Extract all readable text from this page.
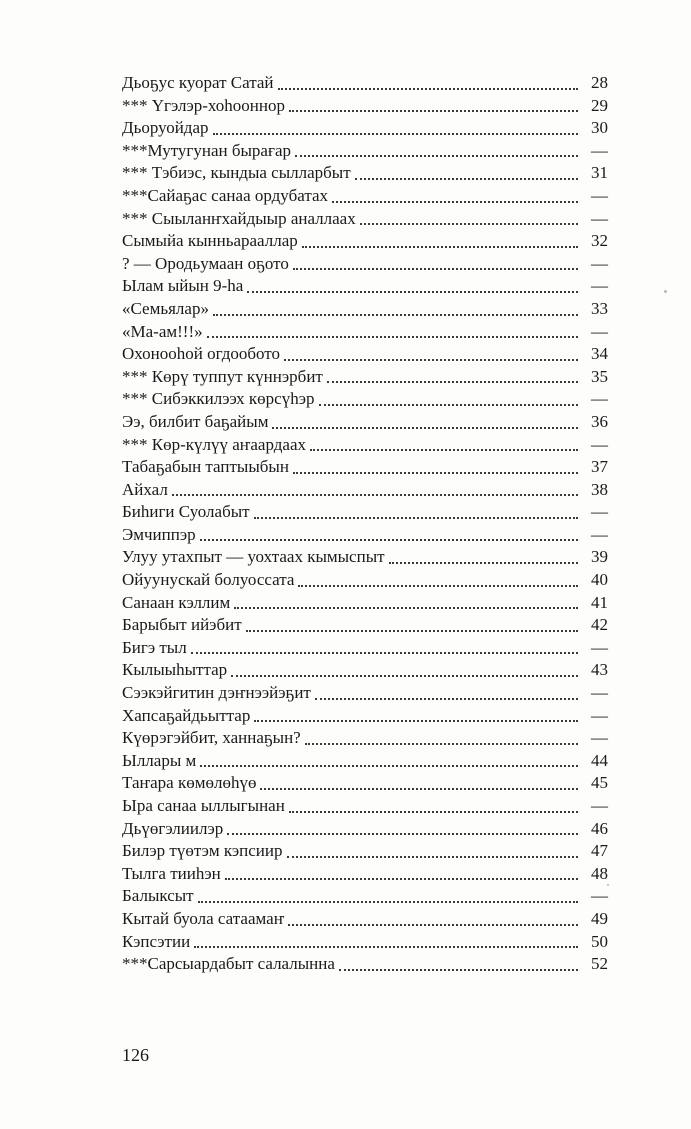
Дьоҕус куорат Сатай	28
*** Үгэлэр-хоһооннор	29
Дьоруойдар	30
***Мутугунан бырағар	—
*** Тэбиэс, кындыа сылларбыт	31
***Сайаҕас санаа ордубатах	—
*** Сыыланҥхайдыыр аналлаах	—
Сымыйа кынньарааллар	32
? — Ородьумаан оҕото	—
Ылам ыйын 9-һа	—
«Семьялар»	33
«Ма-ам!!!»	—
Охоноoһой огдообото	34
*** Көрү туппут күннэрбит	35
*** Сибэккилээх көрсүһэр	—
Ээ, билбит баҕайым	36
*** Көр-күлүү аҥаардаах	—
Табаҕабын таптыыбын	37
Айхал	38
Биһиги Суолабыт	—
Эмчиппэр	—
Улуу утахпыт — уохтаах кымыспыт	39
Ойуунускай болуоссата	40
Санаан кэллим	41
Барыбыт ийэбит	42
Бигэ тыл	—
Кылыыһыттар	43
Сээкэйгитин дэҥнээйэҕит	—
Хапсаҕайдьыттар	—
Күөрэгэйбит, ханнаҕын?	—
Ыллары м	44
Таҥара көмөлөһүө	45
Ыра санаа ыллыгынан	—
Дьүөгэлиилэр	46
Билэр түөтэм кэпсиир	47
Тылга тииһэн	48
Балыксыт	—
Кытай буола сатаамаҥ	49
Кэпсэтии	50
***Сарсыардабыт салалынна	52
126
